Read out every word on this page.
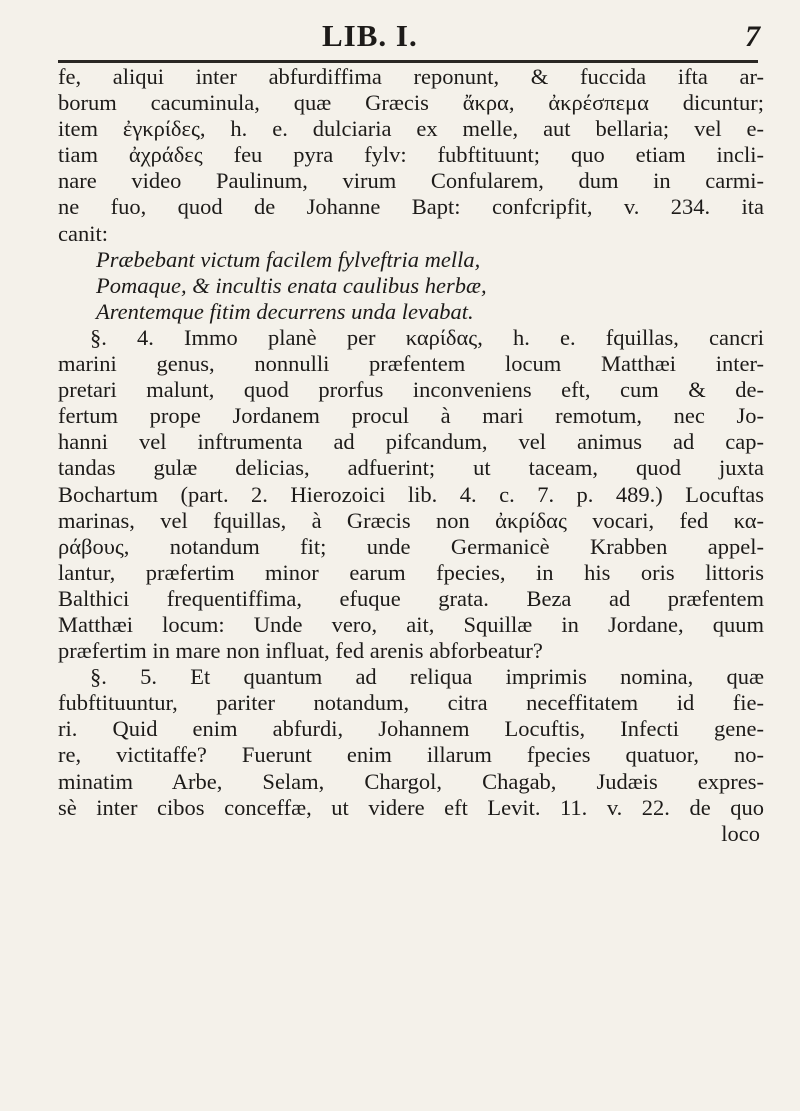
LIB. I.	7
fe, aliqui inter abfurdiffima reponunt, & fuccida ifta ar-
borum cacuminula, quæ Græcis ἄκρα, ἀκρέσπεμα dicuntur;
item ἐγκρίδες, h. e. dulciaria ex melle, aut bellaria; vel e-
tiam ἀχράδες feu pyra fylv: fubftituunt; quo etiam incli-
nare video Paulinum, virum Confularem, dum in carmi-
ne fuo, quod de Johanne Bapt: confcripfit, v. 234. ita
canit:
Præbebant victum facilem fylveftria mella,
Pomaque, & incultis enata caulibus herbæ,
Arentemque fitim decurrens unda levabat.
§. 4. Immo planè per καρίδας, h. e. fquillas, cancri
marini genus, nonnulli præfentem locum Matthæi inter-
pretari malunt, quod prorfus inconveniens eft, cum & de-
fertum prope Jordanem procul à mari remotum, nec Jo-
hanni vel inftrumenta ad pifcandum, vel animus ad cap-
tandas gulæ delicias, adfuerint; ut taceam, quod juxta
Bochartum (part. 2. Hierozoici lib. 4. c. 7. p. 489.) Locuftas
marinas, vel fquillas, à Græcis non ἀκρίδας vocari, fed κα-
ράβους, notandum fit; unde Germanicè Krabben appel-
lantur, præfertim minor earum fpecies, in his oris littoris
Balthici frequentiffima, efuque grata. Beza ad præfentem
Matthæi locum: Unde vero, ait, Squillæ in Jordane, quum
præfertim in mare non influat, fed arenis abforbeatur?
§. 5. Et quantum ad reliqua imprimis nomina, quæ
fubftituuntur, pariter notandum, citra neceffitatem id fie-
ri. Quid enim abfurdi, Johannem Locuftis, Infecti gene-
re, victitaffe? Fuerunt enim illarum fpecies quatuor, no-
minatim Arbe, Selam, Chargol, Chagab, Judæis expres-
sè inter cibos conceffæ, ut videre eft Levit. 11. v. 22. de quo
loco
